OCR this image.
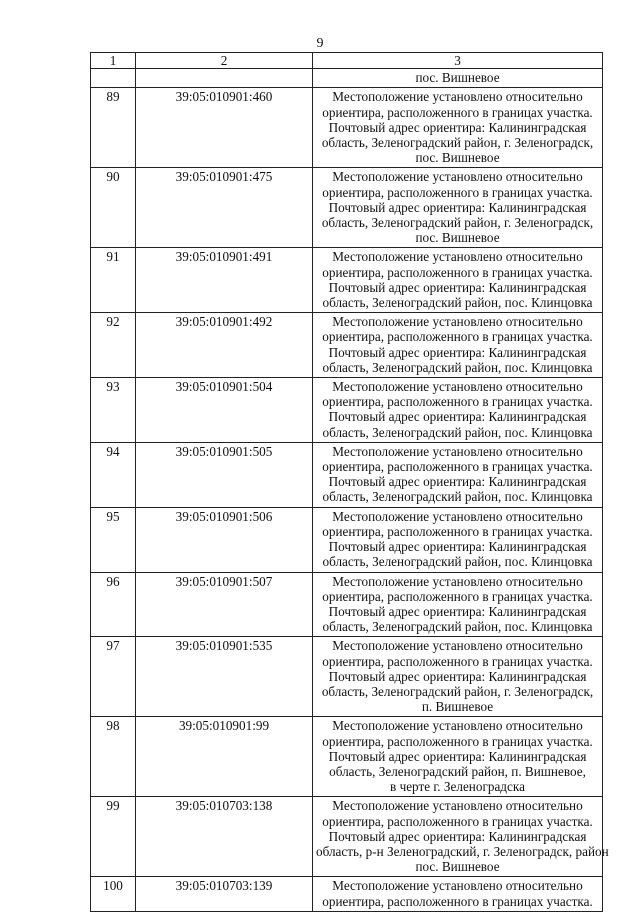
9
1	2	3

		пос. Вишневое

89	39:05:010901:460	Местоположение установлено относительно
ориентира, расположенного в границах участка.
Почтовый адрес ориентира: Калининградская
область, Зеленоградский район, г. Зеленоградск,
пос. Вишневое

90	39:05:010901:475	Местоположение установлено относительно
ориентира, расположенного в границах участка.
Почтовый адрес ориентира: Калининградская
область, Зеленоградский район, г. Зеленоградск,
пос. Вишневое

91	39:05:010901:491	Местоположение установлено относительно
ориентира, расположенного в границах участка.
Почтовый адрес ориентира: Калининградская
область, Зеленоградский район, пос. Клинцовка

92	39:05:010901:492	Местоположение установлено относительно
ориентира, расположенного в границах участка.
Почтовый адрес ориентира: Калининградская
область, Зеленоградский район, пос. Клинцовка

93	39:05:010901:504	Местоположение установлено относительно
ориентира, расположенного в границах участка.
Почтовый адрес ориентира: Калининградская
область, Зеленоградский район, пос. Клинцовка

94	39:05:010901:505	Местоположение установлено относительно
ориентира, расположенного в границах участка.
Почтовый адрес ориентира: Калининградская
область, Зеленоградский район, пос. Клинцовка

95	39:05:010901:506	Местоположение установлено относительно
ориентира, расположенного в границах участка.
Почтовый адрес ориентира: Калининградская
область, Зеленоградский район, пос. Клинцовка

96	39:05:010901:507	Местоположение установлено относительно
ориентира, расположенного в границах участка.
Почтовый адрес ориентира: Калининградская
область, Зеленоградский район, пос. Клинцовка

97	39:05:010901:535	Местоположение установлено относительно
ориентира, расположенного в границах участка.
Почтовый адрес ориентира: Калининградская
область, Зеленоградский район, г. Зеленоградск,
п. Вишневое

98	39:05:010901:99	Местоположение установлено относительно
ориентира, расположенного в границах участка.
Почтовый адрес ориентира: Калининградская
область, Зеленоградский район, п. Вишневое,
в черте г. Зеленоградска

99	39:05:010703:138	Местоположение установлено относительно
ориентира, расположенного в границах участка.
Почтовый адрес ориентира: Калининградская
область, р-н Зеленоградский, г. Зеленоградск, район
пос. Вишневое

100	39:05:010703:139	Местоположение установлено относительно
ориентира, расположенного в границах участка.
